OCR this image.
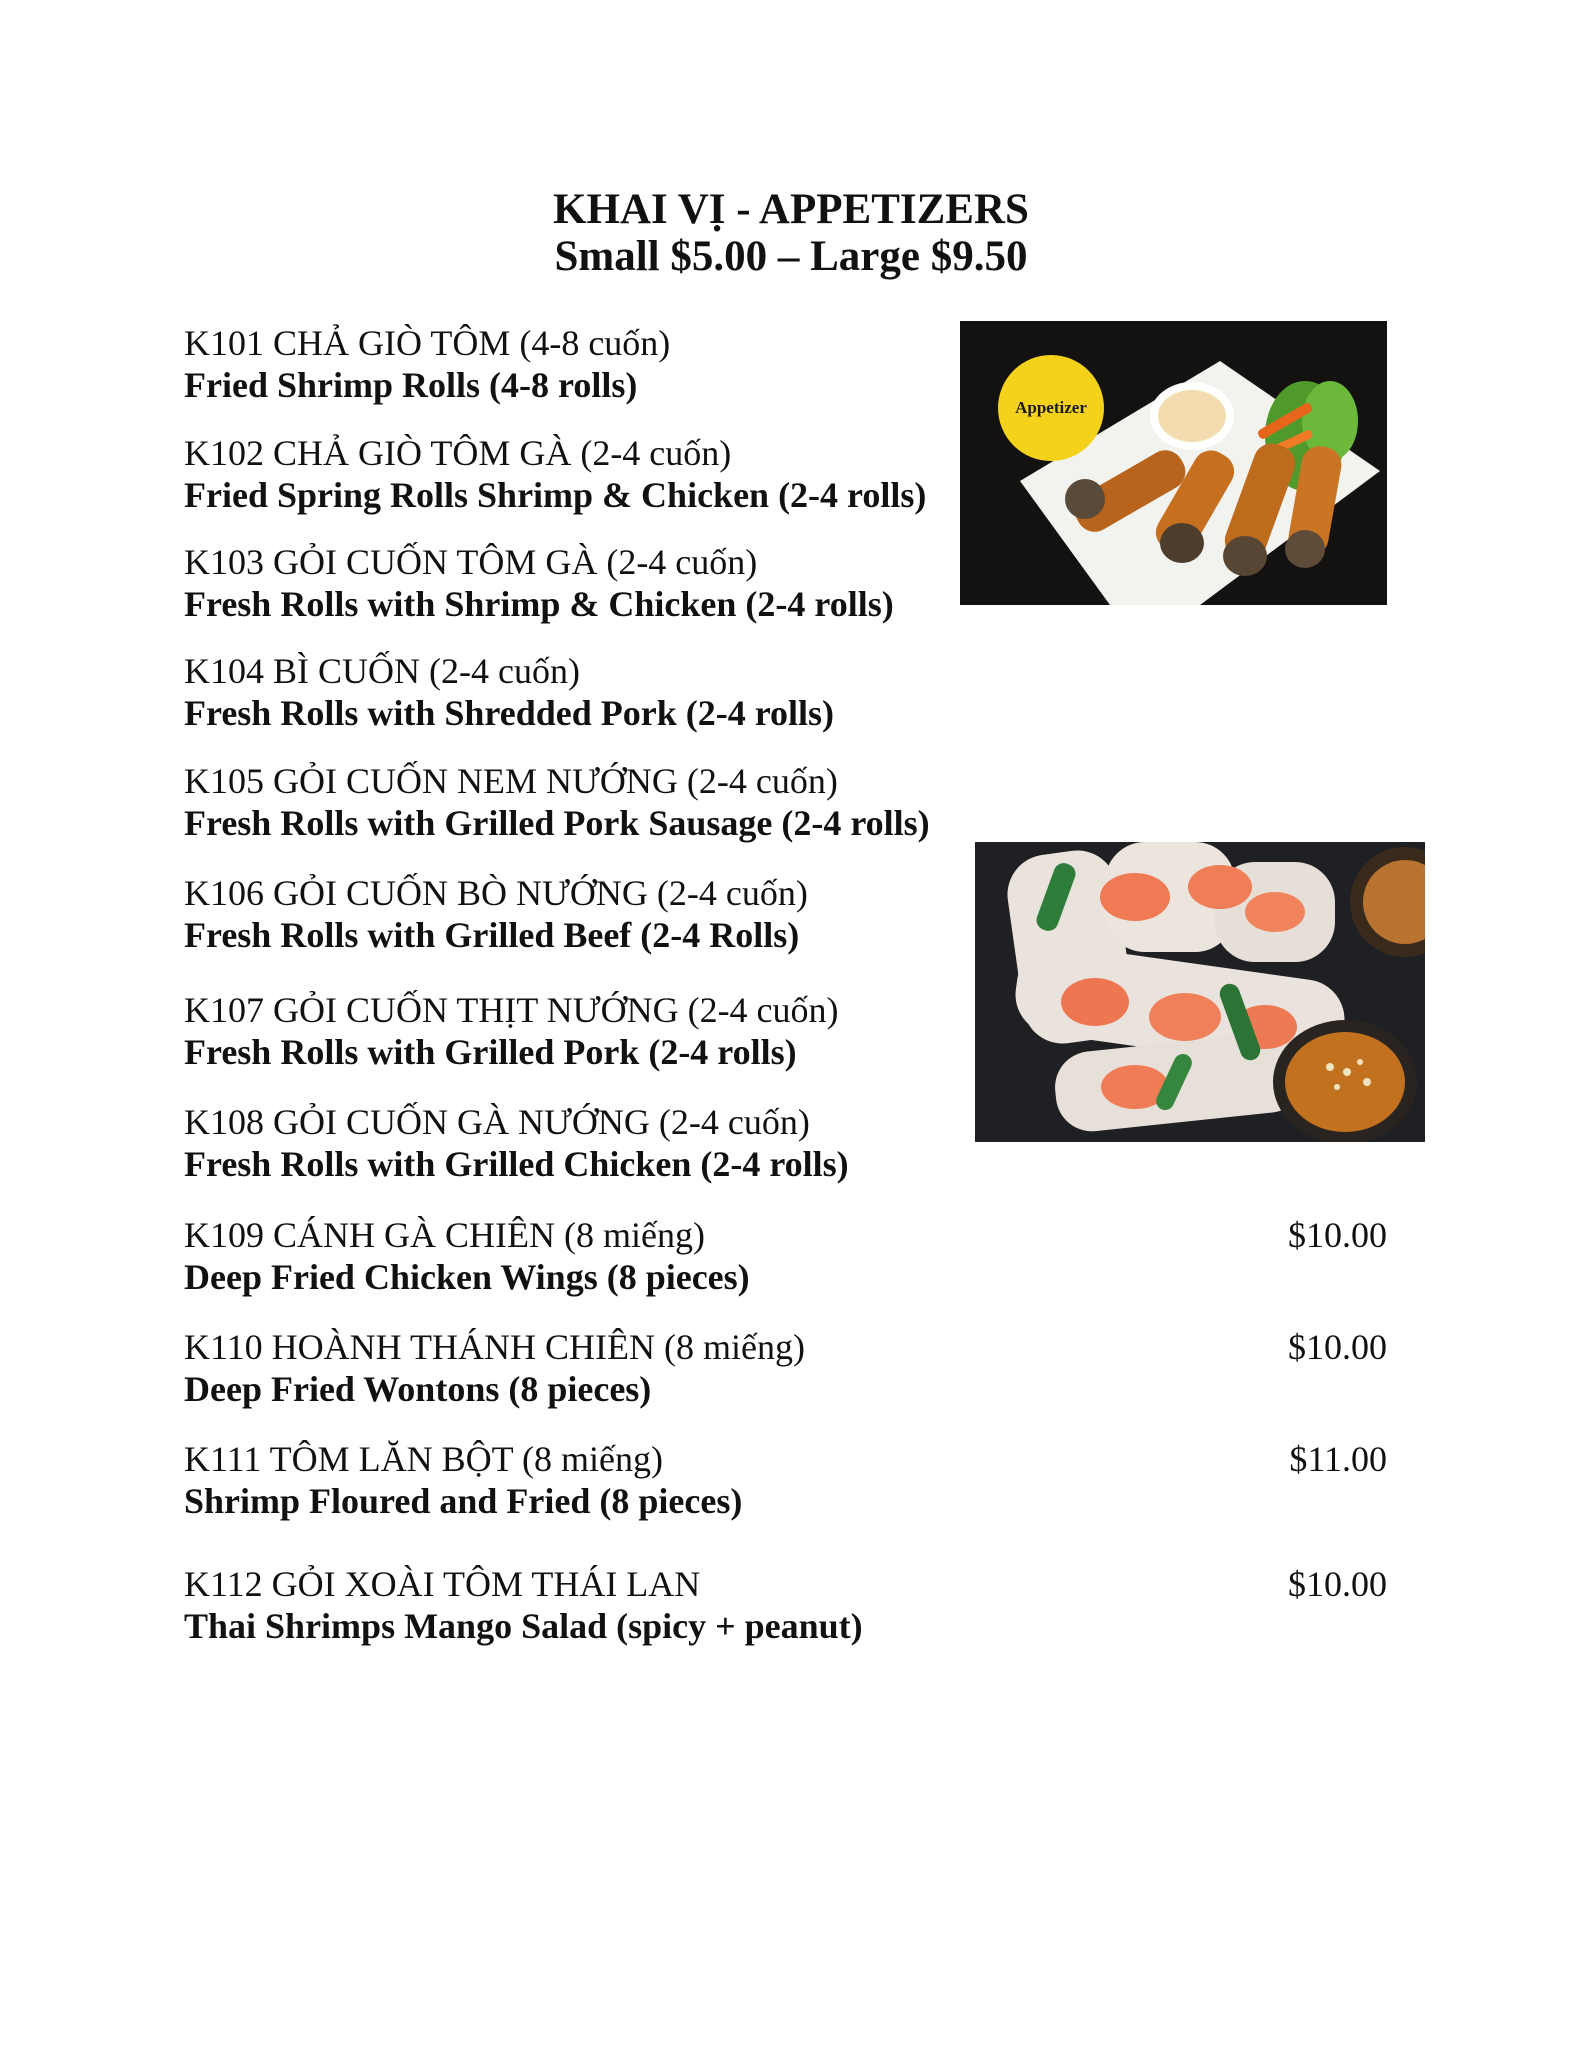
KHAI VỊ - APPETIZERS
Small $5.00 – Large $9.50
K101 CHẢ GIÒ TÔM (4-8 cuốn)
Fried Shrimp Rolls (4-8 rolls)
K102 CHẢ GIÒ TÔM GÀ (2-4 cuốn)
Fried Spring Rolls Shrimp & Chicken (2-4 rolls)
K103 GỎI CUỐN TÔM GÀ (2-4 cuốn)
Fresh Rolls with Shrimp & Chicken (2-4 rolls)
K104 BÌ CUỐN (2-4 cuốn)
Fresh Rolls with Shredded Pork (2-4 rolls)
K105 GỎI CUỐN NEM NƯỚNG (2-4 cuốn)
Fresh Rolls with Grilled Pork Sausage (2-4 rolls)
K106 GỎI CUỐN BÒ NƯỚNG (2-4 cuốn)
Fresh Rolls with Grilled Beef (2-4 Rolls)
K107 GỎI CUỐN THỊT NƯỚNG (2-4 cuốn)
Fresh Rolls with Grilled Pork (2-4 rolls)
K108 GỎI CUỐN GÀ NƯỚNG (2-4 cuốn)
Fresh Rolls with Grilled Chicken (2-4 rolls)
K109 CÁNH GÀ CHIÊN (8 miếng)
Deep Fried Chicken Wings (8 pieces)
$10.00
K110 HOÀNH THÁNH CHIÊN (8 miếng)
Deep Fried Wontons (8 pieces)
$10.00
K111 TÔM LĂN BỘT (8 miếng)
Shrimp Floured and Fried (8 pieces)
$11.00
K112 GỎI XOÀI TÔM THÁI LAN
Thai Shrimps Mango Salad (spicy + peanut)
$10.00
Appetizer
